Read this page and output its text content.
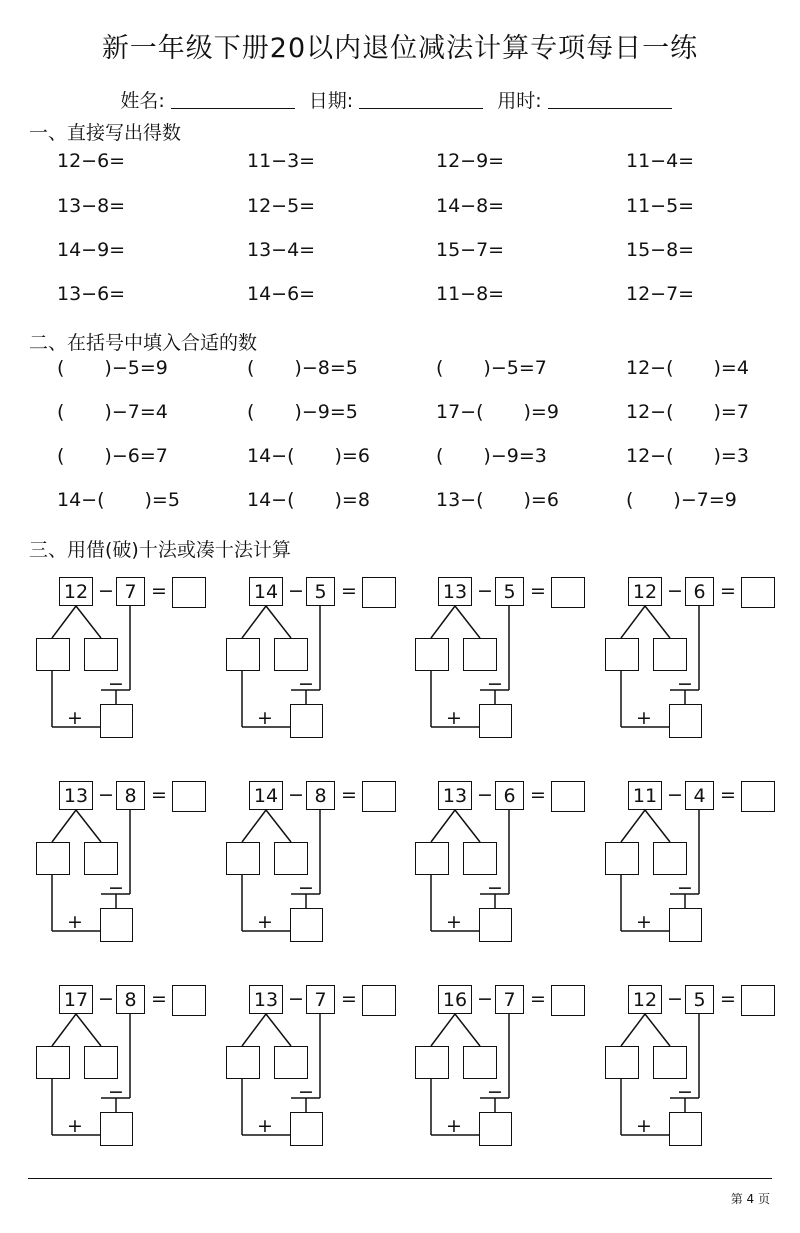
新一年级下册20以内退位减法计算专项每日一练
姓名:	日期:	用时:
一、直接写出得数
二、在括号中填入合适的数
三、用借(破)十法或凑十法计算
12−6=	11−3=	12−9=	11−4=
13−8=	12−5=	14−8=	11−5=
14−9=	13−4=	15−7=	15−8=
13−6=	14−6=	11−8=	12−7=
( )−5=9	( )−8=5	( )−5=7	12−( )=4
( )−7=4	( )−9=5	17−( )=9	12−( )=7
( )−6=7	14−( )=6	( )−9=3	12−( )=3
14−( )=5	14−( )=8	13−( )=6	( )−7=9
12 − 7 =
−
+
14 − 5 =
−
+
13 − 5 =
−
+
12 − 6 =
−
+
13 − 8 =
−
+
14 − 8 =
−
+
13 − 6 =
−
+
11 − 4 =
−
+
17 − 8 =
−
+
13 − 7 =
−
+
16 − 7 =
−
+
12 − 5 =
−
+
第 4 页
